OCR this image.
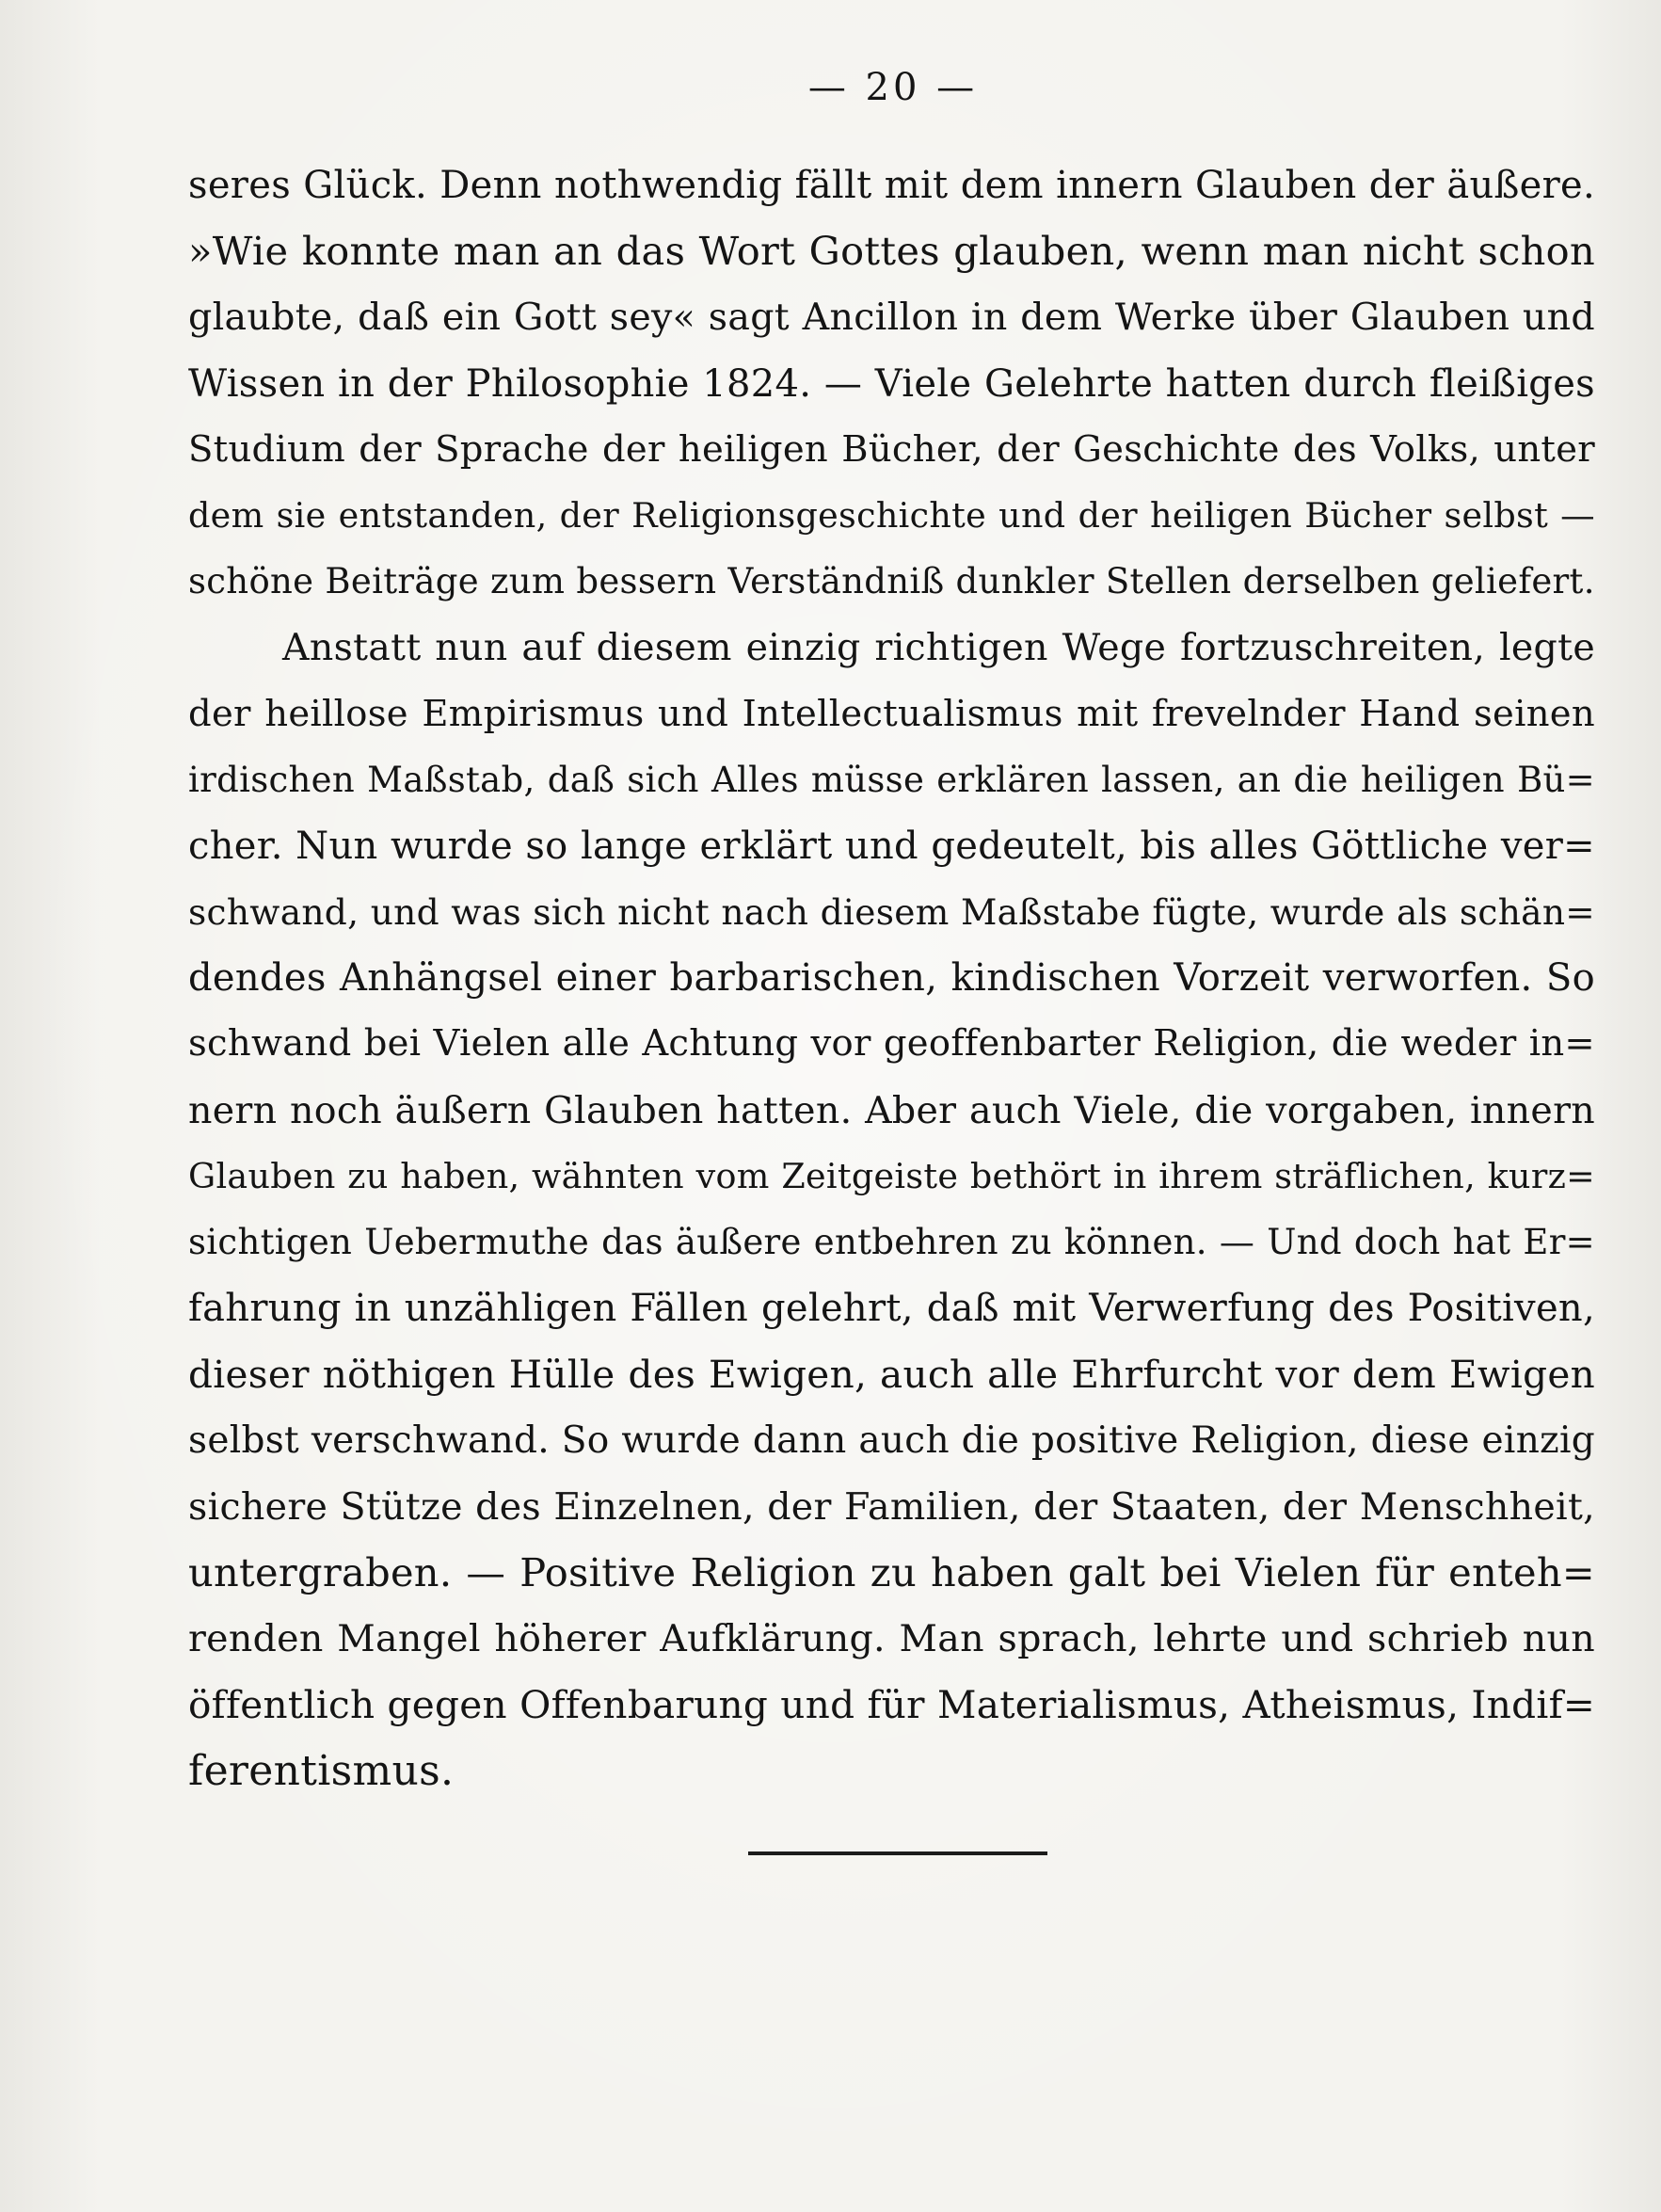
— 20 —
seres Glück. Denn nothwendig fällt mit dem innern Glauben der äußere.
»Wie konnte man an das Wort Gottes glauben, wenn man nicht schon
glaubte, daß ein Gott sey« sagt Ancillon in dem Werke über Glauben und
Wissen in der Philosophie 1824. — Viele Gelehrte hatten durch fleißiges
Studium der Sprache der heiligen Bücher, der Geschichte des Volks, unter
dem sie entstanden, der Religionsgeschichte und der heiligen Bücher selbst —
schöne Beiträge zum bessern Verständniß dunkler Stellen derselben geliefert.
Anstatt nun auf diesem einzig richtigen Wege fortzuschreiten, legte
der heillose Empirismus und Intellectualismus mit frevelnder Hand seinen
irdischen Maßstab, daß sich Alles müsse erklären lassen, an die heiligen Bü=
cher. Nun wurde so lange erklärt und gedeutelt, bis alles Göttliche ver=
schwand, und was sich nicht nach diesem Maßstabe fügte, wurde als schän=
dendes Anhängsel einer barbarischen, kindischen Vorzeit verworfen. So
schwand bei Vielen alle Achtung vor geoffenbarter Religion, die weder in=
nern noch äußern Glauben hatten. Aber auch Viele, die vorgaben, innern
Glauben zu haben, wähnten vom Zeitgeiste bethört in ihrem sträflichen, kurz=
sichtigen Uebermuthe das äußere entbehren zu können. — Und doch hat Er=
fahrung in unzähligen Fällen gelehrt, daß mit Verwerfung des Positiven,
dieser nöthigen Hülle des Ewigen, auch alle Ehrfurcht vor dem Ewigen
selbst verschwand. So wurde dann auch die positive Religion, diese einzig
sichere Stütze des Einzelnen, der Familien, der Staaten, der Menschheit,
untergraben. — Positive Religion zu haben galt bei Vielen für enteh=
renden Mangel höherer Aufklärung. Man sprach, lehrte und schrieb nun
öffentlich gegen Offenbarung und für Materialismus, Atheismus, Indif=
ferentismus.
